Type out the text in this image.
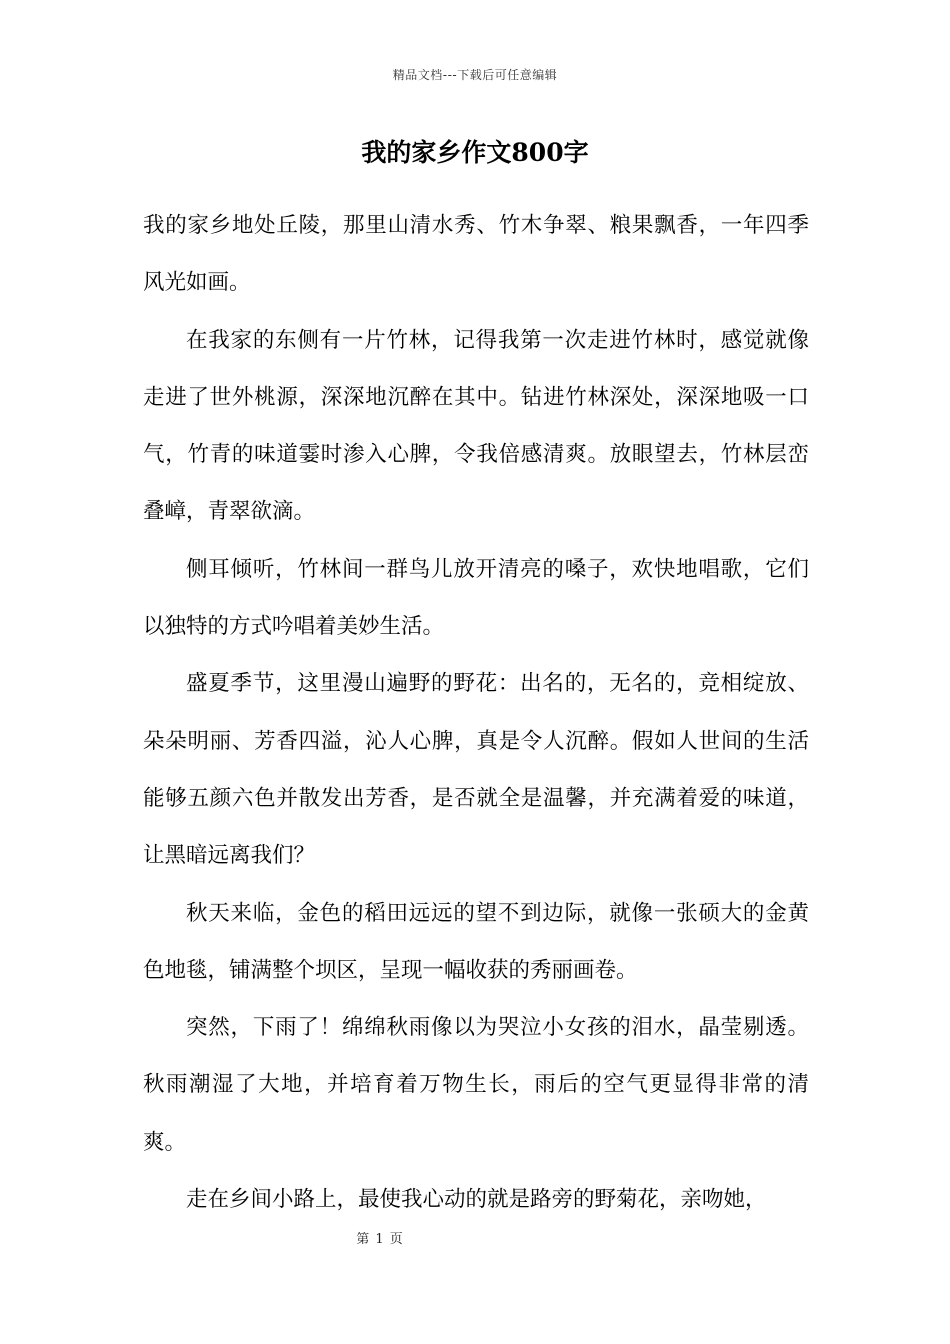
精品文档---下载后可任意编辑
我的家乡作文800字

我的家乡地处丘陵，那里山清水秀、竹木争翠、粮果飘香，一年四季风光如画。

在我家的东侧有一片竹林，记得我第一次走进竹林时，感觉就像走进了世外桃源，深深地沉醉在其中。钻进竹林深处，深深地吸一口气，竹青的味道霎时渗入心脾，令我倍感清爽。放眼望去，竹林层峦叠嶂，青翠欲滴。

侧耳倾听，竹林间一群鸟儿放开清亮的嗓子，欢快地唱歌，它们以独特的方式吟唱着美妙生活。

盛夏季节，这里漫山遍野的野花：出名的，无名的，竞相绽放、朵朵明丽、芳香四溢，沁人心脾，真是令人沉醉。假如人世间的生活能够五颜六色并散发出芳香，是否就全是温馨，并充满着爱的味道，让黑暗远离我们？

秋天来临，金色的稻田远远的望不到边际，就像一张硕大的金黄色地毯，铺满整个坝区，呈现一幅收获的秀丽画卷。

突然，下雨了！绵绵秋雨像以为哭泣小女孩的泪水，晶莹剔透。秋雨潮湿了大地，并培育着万物生长，雨后的空气更显得非常的清爽。

走在乡间小路上，最使我心动的就是路旁的野菊花，亲吻她，

第 1 页
